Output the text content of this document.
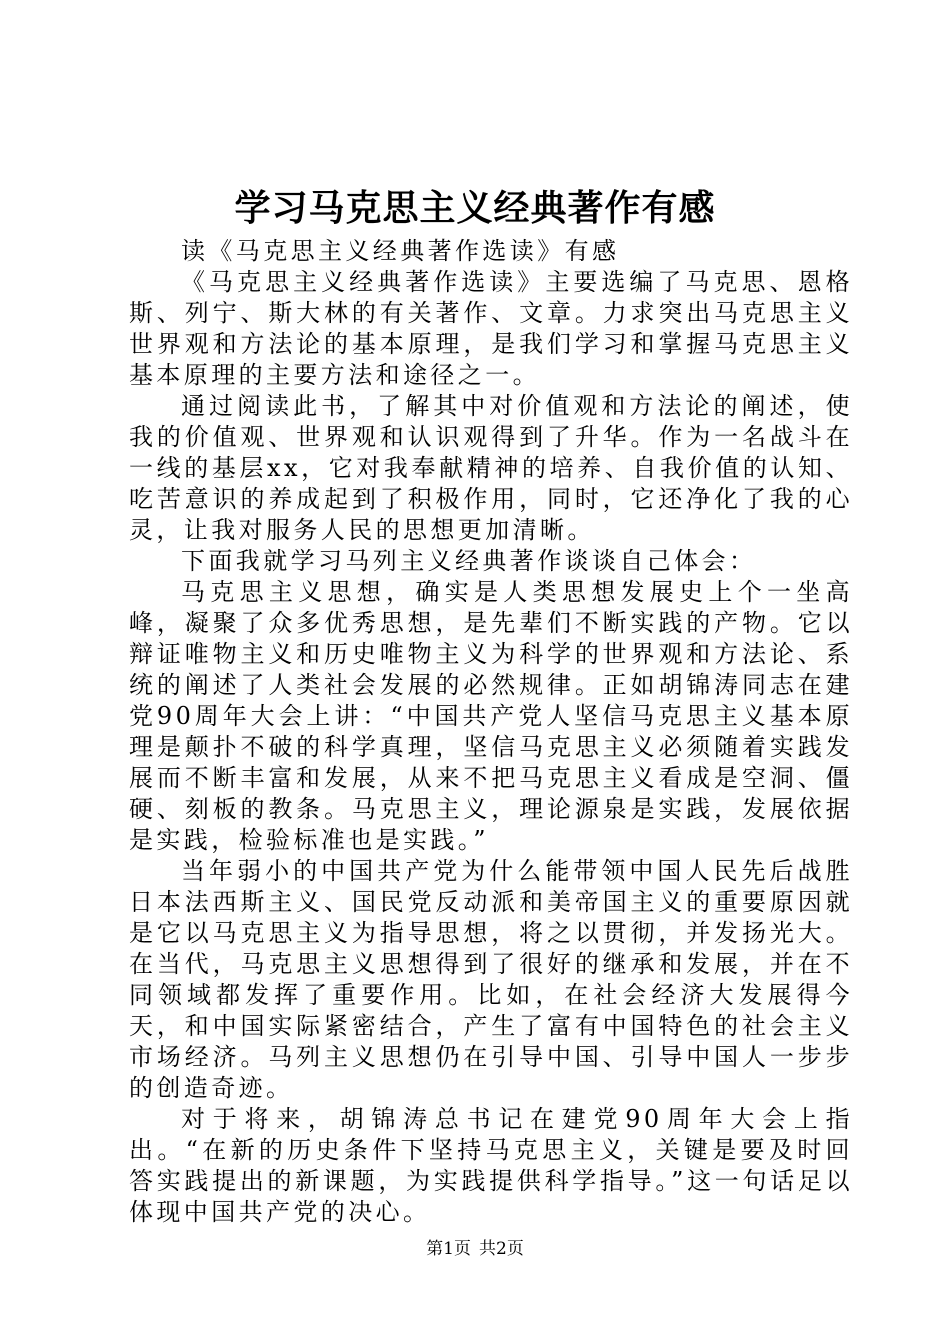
学习马克思主义经典著作有感

读《马克思主义经典著作选读》有感

《马克思主义经典著作选读》主要选编了马克思、恩格斯、列宁、斯大林的有关著作、文章。力求突出马克思主义世界观和方法论的基本原理，是我们学习和掌握马克思主义基本原理的主要方法和途径之一。

通过阅读此书，了解其中对价值观和方法论的阐述，使我的价值观、世界观和认识观得到了升华。作为一名战斗在一线的基层xx，它对我奉献精神的培养、自我价值的认知、吃苦意识的养成起到了积极作用，同时，它还净化了我的心灵，让我对服务人民的思想更加清晰。

下面我就学习马列主义经典著作谈谈自己体会：

马克思主义思想，确实是人类思想发展史上个一坐高峰，凝聚了众多优秀思想，是先辈们不断实践的产物。它以辩证唯物主义和历史唯物主义为科学的世界观和方法论、系统的阐述了人类社会发展的必然规律。正如胡锦涛同志在建党90周年大会上讲：“中国共产党人坚信马克思主义基本原理是颠扑不破的科学真理，坚信马克思主义必须随着实践发展而不断丰富和发展，从来不把马克思主义看成是空洞、僵硬、刻板的教条。马克思主义，理论源泉是实践，发展依据是实践，检验标准也是实践。”

当年弱小的中国共产党为什么能带领中国人民先后战胜日本法西斯主义、国民党反动派和美帝国主义的重要原因就是它以马克思主义为指导思想，将之以贯彻，并发扬光大。在当代，马克思主义思想得到了很好的继承和发展，并在不同领域都发挥了重要作用。比如，在社会经济大发展得今天，和中国实际紧密结合，产生了富有中国特色的社会主义市场经济。马列主义思想仍在引导中国、引导中国人一步步的创造奇迹。

对于将来，胡锦涛总书记在建党90周年大会上指出。“在新的历史条件下坚持马克思主义，关键是要及时回答实践提出的新课题，为实践提供科学指导。”这一句话足以体现中国共产党的决心。

第1页 共2页
